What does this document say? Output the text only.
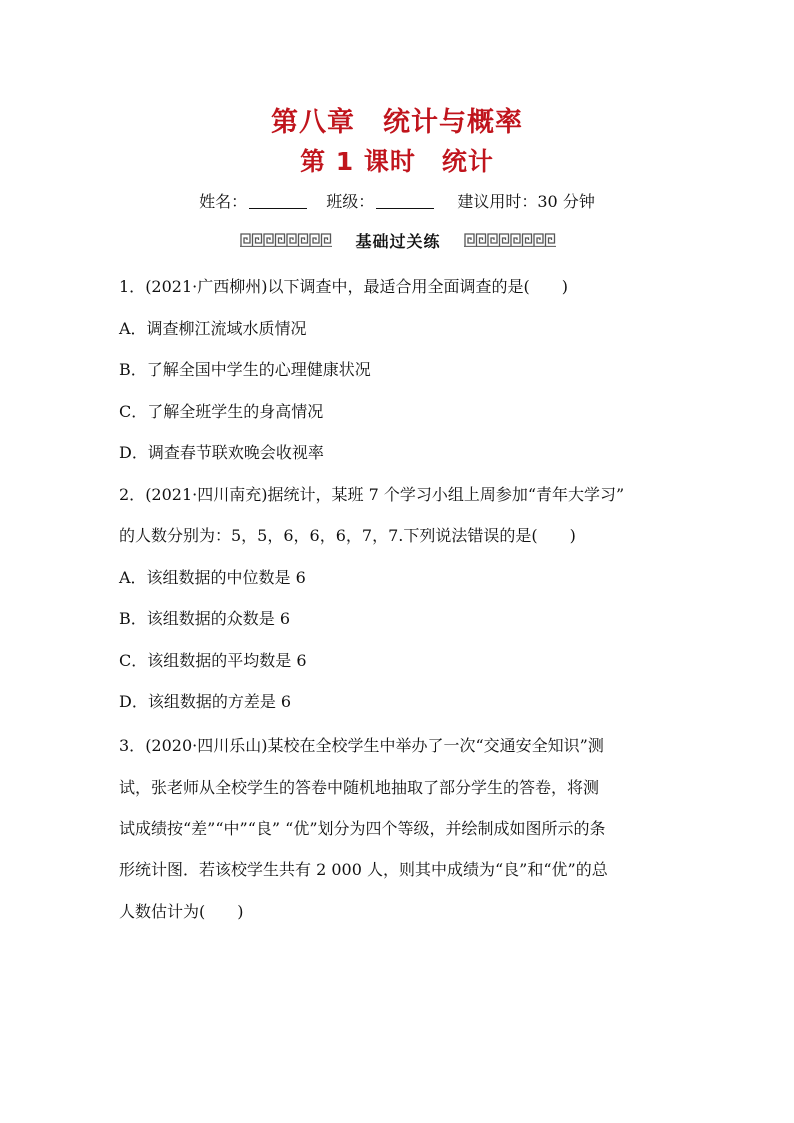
第八章　统计与概率
第 1 课时　统计
姓名：	班级：	建议用时：30 分钟
基础过关练
1．(2021·广西柳州)以下调查中，最适合用全面调查的是(　　)
A．调查柳江流域水质情况
B．了解全国中学生的心理健康状况
C．了解全班学生的身高情况
D．调查春节联欢晚会收视率
2．(2021·四川南充)据统计，某班 7 个学习小组上周参加“青年大学习”
的人数分别为：5，5，6，6，6，7，7.下列说法错误的是(　　)
A．该组数据的中位数是 6
B．该组数据的众数是 6
C．该组数据的平均数是 6
D．该组数据的方差是 6
3．(2020·四川乐山)某校在全校学生中举办了一次“交通安全知识”测
试，张老师从全校学生的答卷中随机地抽取了部分学生的答卷，将测
试成绩按“差”“中”“良” “优”划分为四个等级，并绘制成如图所示的条
形统计图．若该校学生共有 2 000 人，则其中成绩为“良”和“优”的总
人数估计为(　　)
